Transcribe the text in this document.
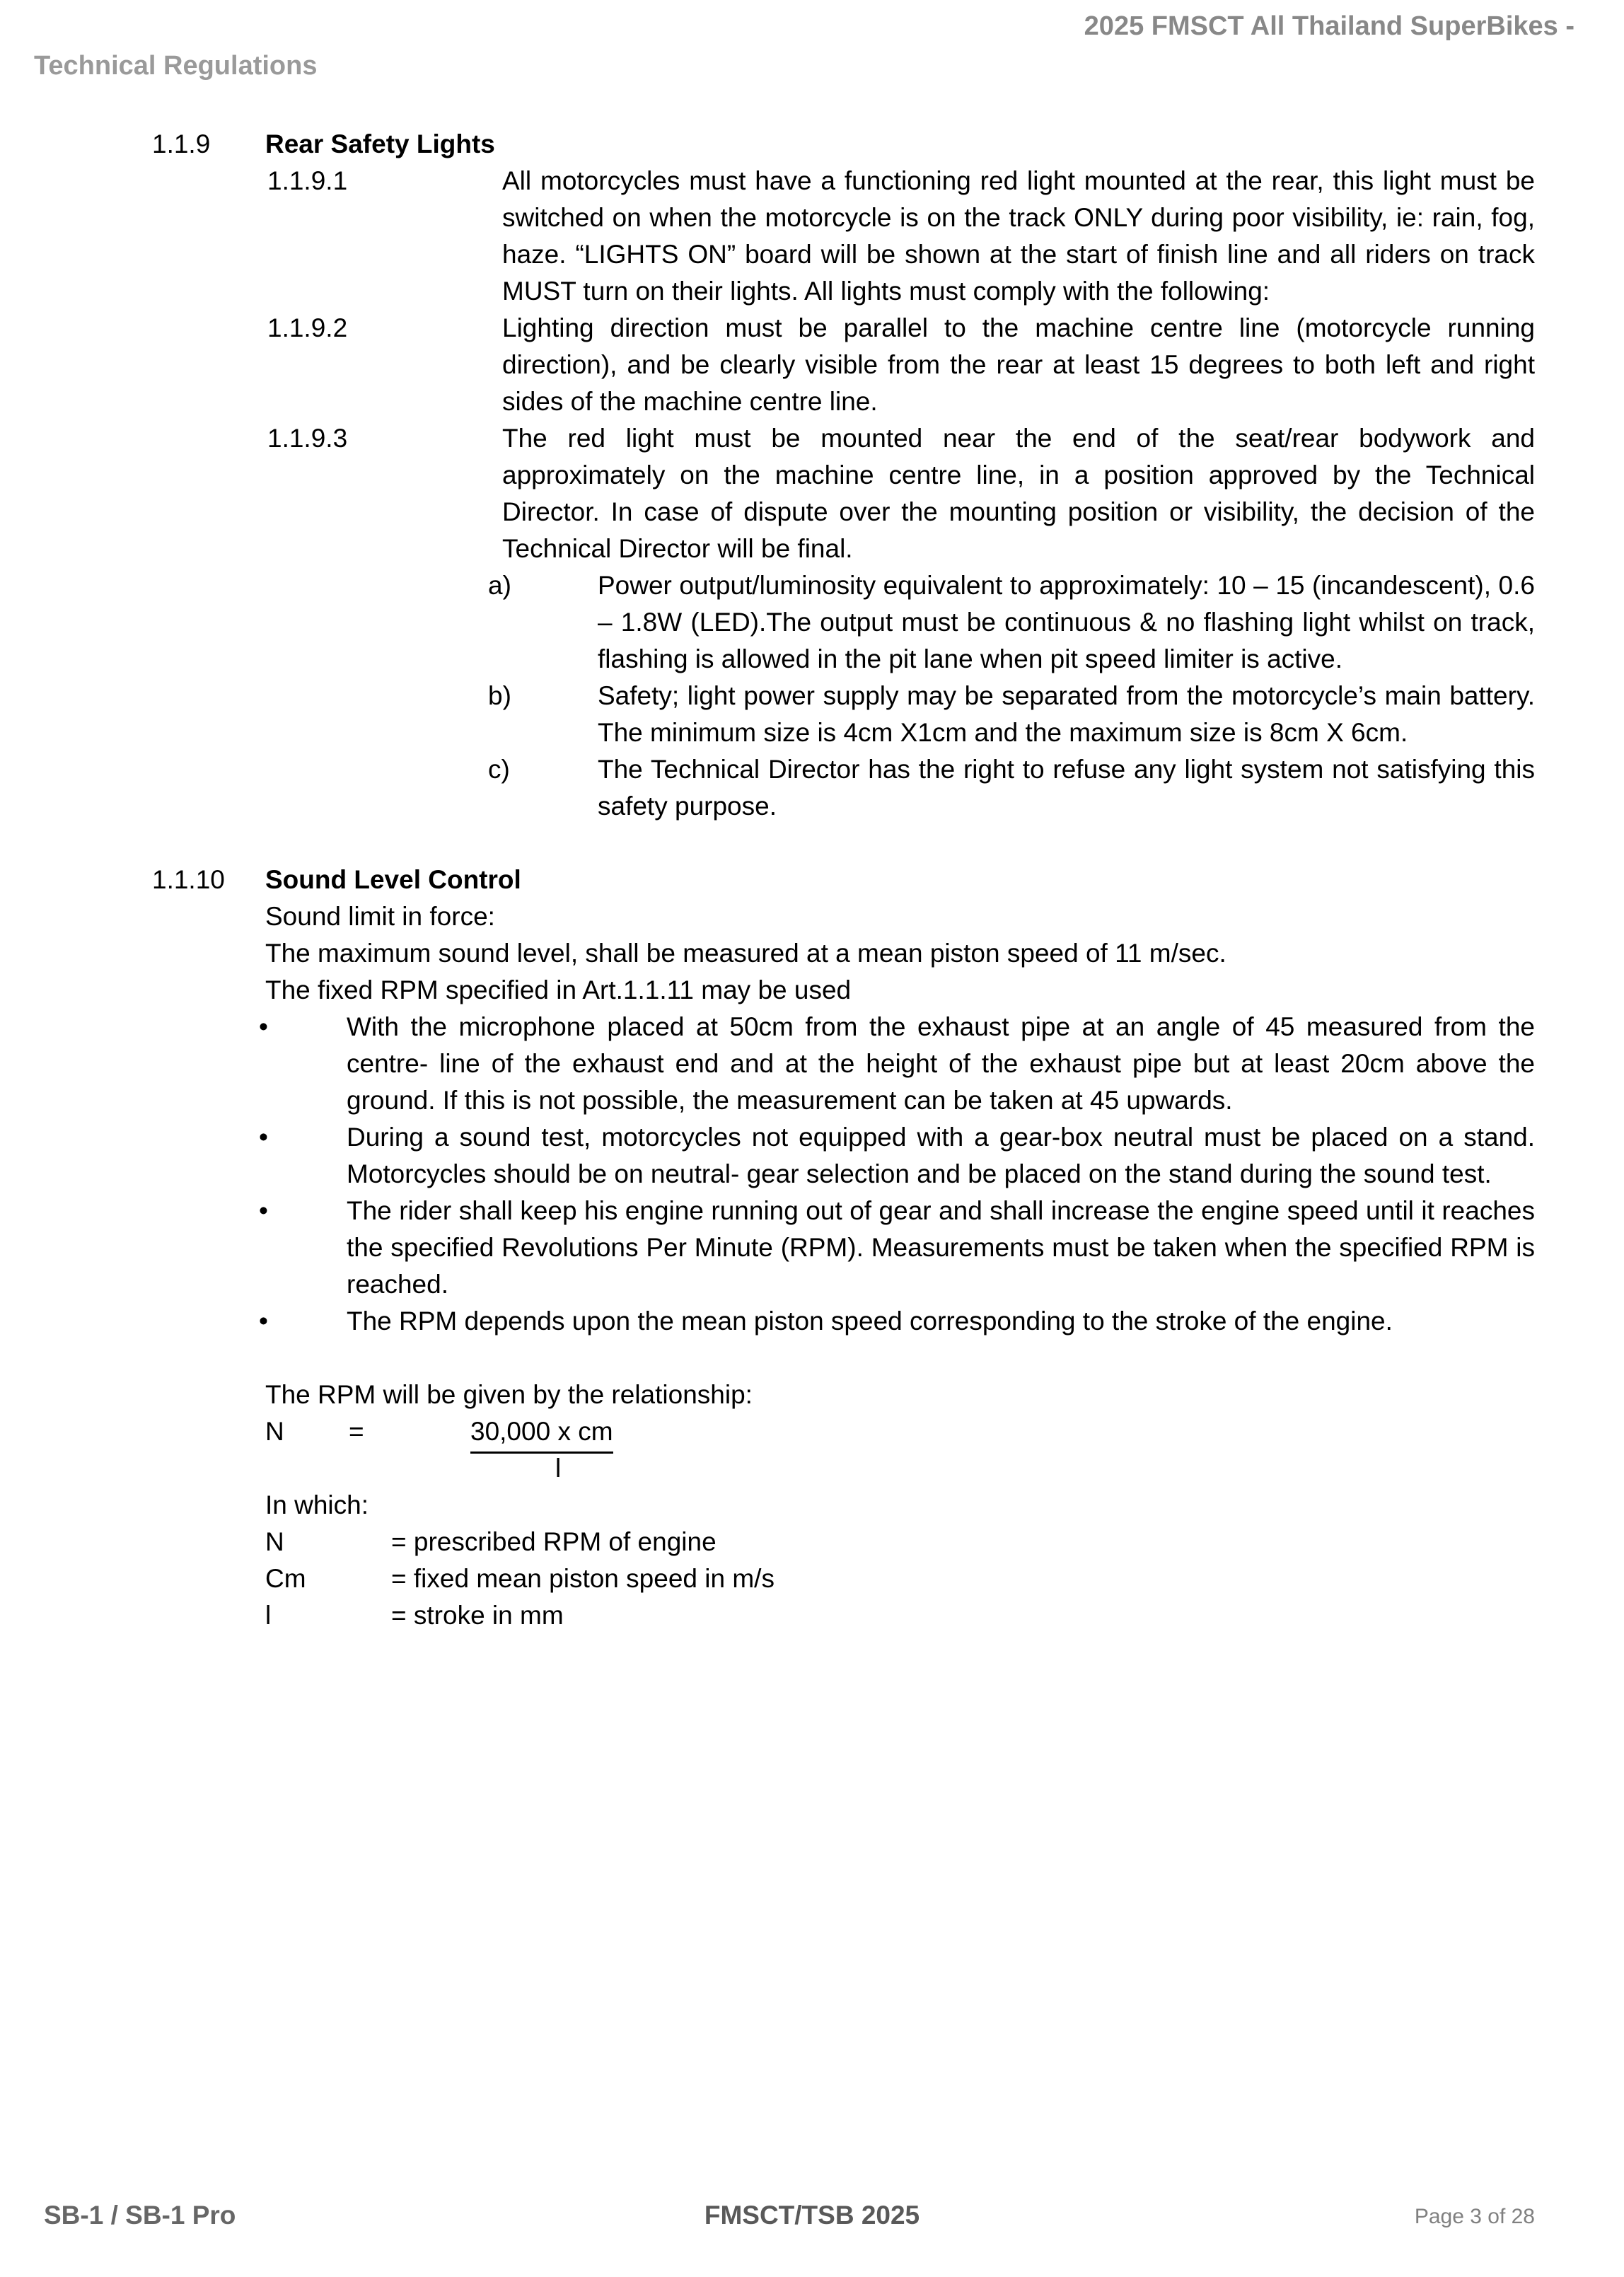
2025 FMSCT All Thailand SuperBikes -
Technical Regulations
1.1.9 Rear Safety Lights
1.1.9.1	All motorcycles must have a functioning red light mounted at the rear, this light must be switched on when the motorcycle is on the track ONLY during poor visibility, ie: rain, fog, haze. “LIGHTS ON” board will be shown at the start of finish line and all riders on track MUST turn on their lights. All lights must comply with the following:
1.1.9.2	Lighting direction must be parallel to the machine centre line (motorcycle running direction), and be clearly visible from the rear at least 15 degrees to both left and right sides of the machine centre line.
1.1.9.3	The red light must be mounted near the end of the seat/rear bodywork and approximately on the machine centre line, in a position approved by the Technical Director. In case of dispute over the mounting position or visibility, the decision of the Technical Director will be final.
a)	Power output/luminosity equivalent to approximately: 10 – 15 (incandescent), 0.6 – 1.8W (LED).The output must be continuous & no flashing light whilst on track, flashing is allowed in the pit lane when pit speed limiter is active.
b)	Safety; light power supply may be separated from the motorcycle’s main battery. The minimum size is 4cm X1cm and the maximum size is 8cm X 6cm.
c)	The Technical Director has the right to refuse any light system not satisfying this safety purpose.
1.1.10 Sound Level Control
Sound limit in force:
The maximum sound level, shall be measured at a mean piston speed of 11 m/sec.
The fixed RPM specified in Art.1.1.11 may be used
•	With the microphone placed at 50cm from the exhaust pipe at an angle of 45 measured from the centre- line of the exhaust end and at the height of the exhaust pipe but at least 20cm above the ground. If this is not possible, the measurement can be taken at 45 upwards.
•	During a sound test, motorcycles not equipped with a gear-box neutral must be placed on a stand. Motorcycles should be on neutral- gear selection and be placed on the stand during the sound test.
•	The rider shall keep his engine running out of gear and shall increase the engine speed until it reaches the specified Revolutions Per Minute (RPM). Measurements must be taken when the specified RPM is reached.
•	The RPM depends upon the mean piston speed corresponding to the stroke of the engine.
The RPM will be given by the relationship:
N =	30,000 x cm
l
In which:
N	= prescribed RPM of engine
Cm	= fixed mean piston speed in m/s
l	= stroke in mm
SB-1 / SB-1 Pro	FMSCT/TSB 2025	Page 3 of 28
